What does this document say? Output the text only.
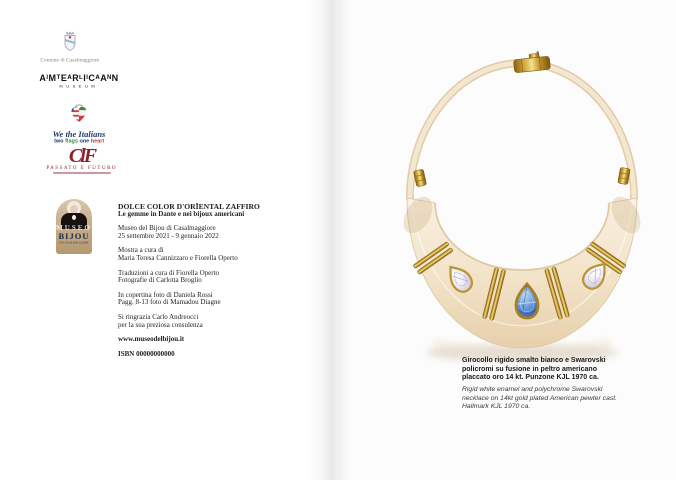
Comune di Casalmaggiore
AᴵMᵀEᴬRᴸIᴵCᴬAᴺN
MUSEUM
We the Italians
two flags one heart
ClF
PASSATO E FUTURO
MUSEO
BIJOU
DI CASALMAGGIORE
DOLCE COLOR D'ORÏENTAL ZAFFIRO
Le gemme in Dante e nei bijoux americani
Museo del Bijou di Casalmaggiore
25 settembre 2021 - 9 gennaio 2022
Mostra a cura di
Maria Teresa Cannizzaro e Fiorella Operto
Traduzioni a cura di Fiorella Operto
Fotografie di Carlotta Broglio
In copertina foto di Daniela Rossi
Pagg. 8-13 foto di Mamadou Diagne
Si ringrazia Carlo Andreocci
per la sua preziosa consulenza
www.museodelbijou.it
ISBN 00000000000
Girocollo rigido smalto bianco e Swarovski
policromi su fusione in peltro americano
placcato oro 14 kt. Punzone KJL 1970 ca.
Rigid white enamel and polychrome Swarovski
necklace on 14kt gold plated American pewter cast.
Hallmark KJL 1970 ca.
